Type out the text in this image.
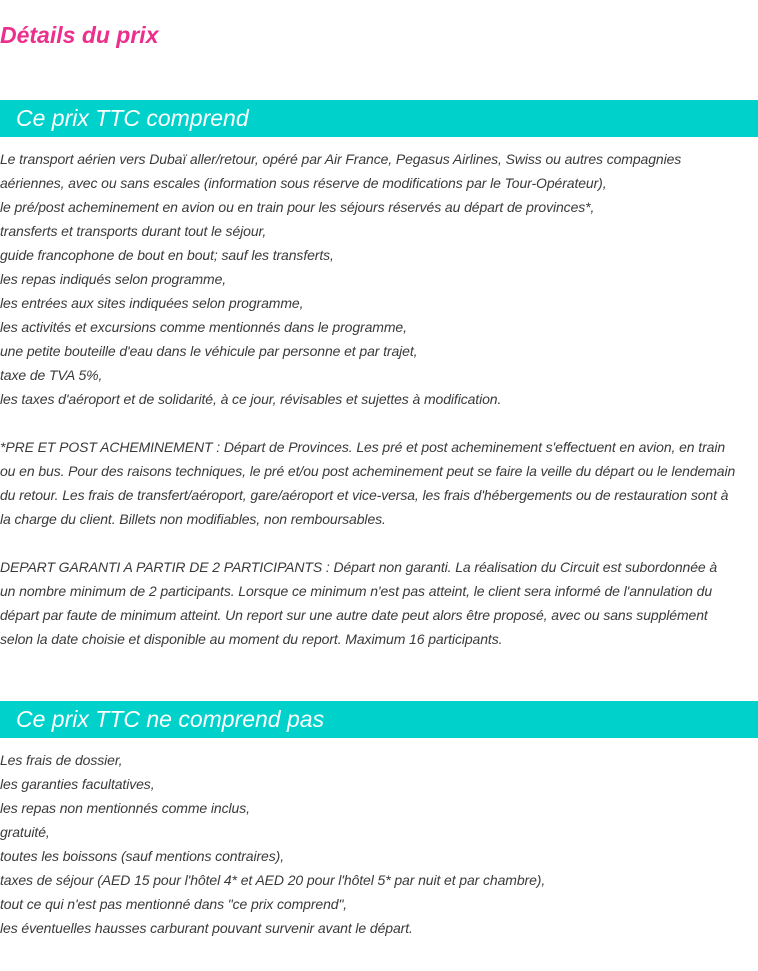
Détails du prix
Ce prix TTC comprend
Le transport aérien vers Dubaï aller/retour, opéré par Air France, Pegasus Airlines, Swiss ou autres compagnies
aériennes, avec ou sans escales (information sous réserve de modifications par le Tour-Opérateur),
le pré/post acheminement en avion ou en train pour les séjours réservés au départ de provinces*,
transferts et transports durant tout le séjour,
guide francophone de bout en bout; sauf les transferts,
les repas indiqués selon programme,
les entrées aux sites indiquées selon programme,
les activités et excursions comme mentionnés dans le programme,
une petite bouteille d'eau dans le véhicule par personne et par trajet,
taxe de TVA 5%,
les taxes d'aéroport et de solidarité, à ce jour, révisables et sujettes à modification.
*PRE ET POST ACHEMINEMENT : Départ de Provinces. Les pré et post acheminement s'effectuent en avion, en train
ou en bus. Pour des raisons techniques, le pré et/ou post acheminement peut se faire la veille du départ ou le lendemain
du retour. Les frais de transfert/aéroport, gare/aéroport et vice-versa, les frais d'hébergements ou de restauration sont à
la charge du client. Billets non modifiables, non remboursables.
DEPART GARANTI A PARTIR DE 2 PARTICIPANTS : Départ non garanti. La réalisation du Circuit est subordonnée à
un nombre minimum de 2 participants. Lorsque ce minimum n'est pas atteint, le client sera informé de l'annulation du
départ par faute de minimum atteint. Un report sur une autre date peut alors être proposé, avec ou sans supplément
selon la date choisie et disponible au moment du report. Maximum 16 participants.
Ce prix TTC ne comprend pas
Les frais de dossier,
les garanties facultatives,
les repas non mentionnés comme inclus,
gratuité,
toutes les boissons (sauf mentions contraires),
taxes de séjour (AED 15 pour l'hôtel 4* et AED 20 pour l'hôtel 5* par nuit et par chambre),
tout ce qui n'est pas mentionné dans "ce prix comprend",
les éventuelles hausses carburant pouvant survenir avant le départ.
